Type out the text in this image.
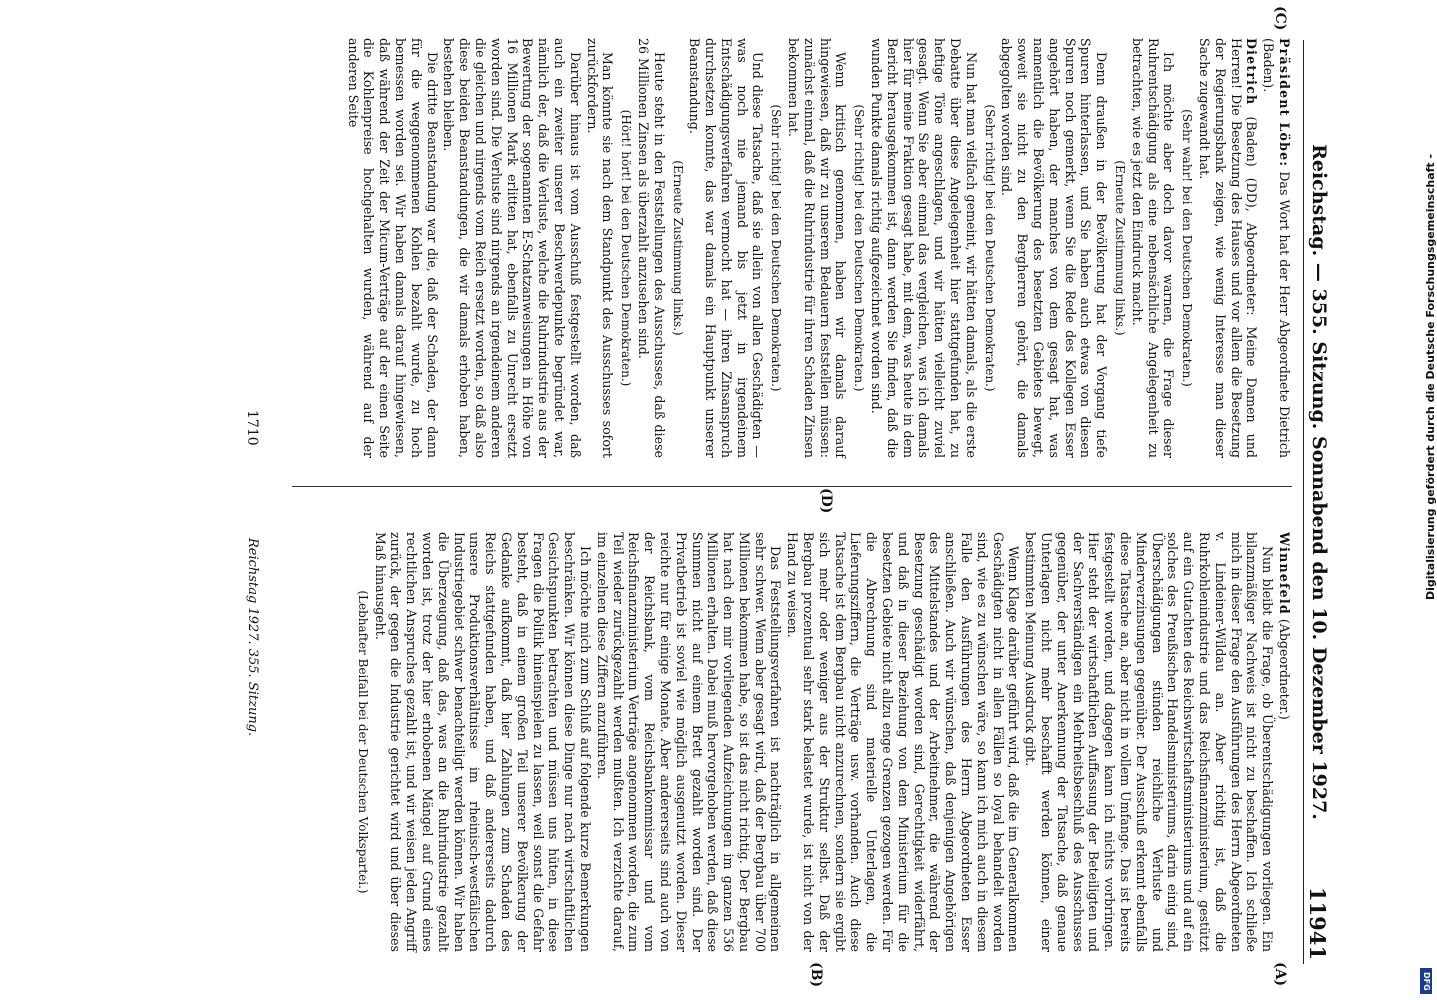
Reichstag. — 355. Sitzung. Sonnabend den 10. Dezember 1927.
11941
(C)
(D)
(A)
(B)

Präsident Löbe: Das Wort hat der Herr Abgeordnete Dietrich (Baden).

Dietrich (Baden) (DD), Abgeordneter: Meine Damen und Herren! Die Besetzung des Hauses und vor allem die Besetzung der Regierungsbank zeigen, wie wenig Interesse man dieser Sache zugewandt hat.

(Sehr wahr! bei den Deutschen Demokraten.)

Ich möchte aber doch davor warnen, die Frage dieser Ruhrentschädigung als eine nebensächliche Angelegenheit zu betrachten, wie es jetzt den Eindruck macht.

(Erneute Zustimmung links.)

Denn draußen in der Bevölkerung hat der Vorgang tiefe Spuren hinterlassen, und Sie haben auch etwas von diesen Spuren noch gemerkt, wenn Sie die Rede des Kollegen Esser angehört haben, der manches von dem gesagt hat, was namentlich die Bevölkerung des besetzten Gebietes bewegt, soweit sie nicht zu den Bergherren gehört, die damals abgegolten worden sind.

(Sehr richtig! bei den Deutschen Demokraten.)

Nun hat man vielfach gemeint, wir hätten damals, als die erste Debatte über diese Angelegenheit hier stattgefunden hat, zu heftige Töne angeschlagen, und wir hätten vielleicht zuviel gesagt. Wenn Sie aber einmal das vergleichen, was ich damals hier für meine Fraktion gesagt habe, mit dem, was heute in dem Bericht herausgekommen ist, dann werden Sie finden, daß die wunden Punkte damals richtig aufgezeichnet worden sind.

(Sehr richtig! bei den Deutschen Demokraten.)

Wenn kritisch genommen, haben wir damals darauf hingewiesen, daß wir zu unserem Bedauern feststellen müssen: zunächst einmal, daß die Ruhrindustrie für ihren Schaden Zinsen bekommen hat.

(Sehr richtig! bei den Deutschen Demokraten.)

Und diese Tatsache, daß sie allein von allen Geschädigten — was noch nie jemand bis jetzt in irgendeinem Entschädigungsverfahren vermocht hat — ihren Zinsanspruch durchsetzen konnte, das war damals ein Hauptpunkt unserer Beanstandung.

(Erneute Zustimmung links.)

Heute steht in den Feststellungen des Ausschusses, daß diese 26 Millionen Zinsen als überzahlt anzusehen sind.

(Hört! hört! bei den Deutschen Demokraten.)

Man könnte sie nach dem Standpunkt des Ausschusses sofort zurückfordern.

Darüber hinaus ist vom Ausschuß festgestellt worden, daß auch ein zweiter unserer Beschwerdepunkte begründet war, nämlich der, daß die Verluste, welche die Ruhrindustrie aus der Bewertung der sogenannten E-Schatzanweisungen in Höhe von 16 Millionen Mark erlitten hat, ebenfalls zu Unrecht ersetzt worden sind. Die Verluste sind nirgends an irgendeinem anderen die gleichen und nirgends vom Reich ersetzt worden, so daß also diese beiden Beanstandungen, die wir damals erhoben haben, bestehen bleiben.

Die dritte Beanstandung war die, daß der Schaden, der dann für die weggenommenen Kohlen bezahlt wurde, zu hoch bemessen worden sei. Wir haben damals darauf hingewiesen, daß während der Zeit der Micum-Verträge auf der einen Seite die Kohlenpreise hochgehalten wurden, während auf der anderen Seite

Winnefeld (Abgeordneter.)

Nun bleibt die Frage, ob Überentschädigungen vorliegen. Ein bilanzmäßiger Nachweis ist nicht zu beschaffen. Ich schließe mich in dieser Frage den Ausführungen des Herrn Abgeordneten v. Lindeiner-Wildau an. Aber richtig ist, daß die Ruhrkohlenindustrie und das Reichsfinanzministerium, gestützt auf ein Gutachten des Reichswirtschaftsministeriums und auf ein solches des Preußischen Handelsministeriums, darin einig sind, Überschädigungen stünden reichliche Verluste und Minderverzinsungen gegenüber. Der Ausschuß erkennt ebenfalls diese Tatsache an, aber nicht in vollem Umfange. Das ist bereits festgestellt worden, und dagegen kann ich nichts vorbringen. Hier steht der wirtschaftlichen Auffassung der Beteiligten und der Sachverständigen ein Mehrheitsbeschluß des Ausschusses gegenüber, der unter Anerkennung der Tatsache, daß genaue Unterlagen nicht mehr beschafft werden können, einer bestimmten Meinung Ausdruck gibt.

Wenn Klage darüber geführt wird, daß die im Generalkommen Geschädigten nicht in allen Fällen so loyal behandelt worden sind, wie es zu wünschen wäre, so kann ich mich auch in diesem Falle den Ausführungen des Herrn Abgeordneten Esser anschließen. Auch wir wünschen, daß denjenigen Angehörigen des Mittelstandes und der Arbeitnehmer, die während der Besetzung geschädigt worden sind, Gerechtigkeit widerfährt, und daß in dieser Beziehung von dem Ministerium für die besetzten Gebiete nicht allzu enge Grenzen gezogen werden. Für die Abrechnung sind materielle Unterlagen, die Lieferungsziffern, die Verträge usw. vorhanden. Auch diese Tatsache ist dem Bergbau nicht anzurechnen, sondern sie ergibt sich mehr oder weniger aus der Struktur selbst. Daß der Bergbau prozentual sehr stark belastet wurde, ist nicht von der Hand zu weisen.

Das Feststellungsverfahren ist nachträglich in allgemeinen sehr schwer. Wenn aber gesagt wird, daß der Bergbau über 700 Millionen bekommen habe, so ist das nicht richtig. Der Bergbau hat nach den mir vorliegenden Aufzeichnungen im ganzen 536 Millionen erhalten. Dabei muß hervorgehoben werden, daß diese Summen nicht auf einem Brett gezahlt worden sind. Der Privatbetrieb ist soviel wie möglich ausgenutzt worden. Dieser reichte nur für einige Monate. Aber andererseits sind auch von der Reichsbank, vom Reichsbankommissar und vom Reichsfinanzministerium Verträge angenommen worden, die zum Teil wieder zurückgezahlt werden mußten. Ich verzichte darauf, im einzelnen diese Ziffern anzuführen.

Ich möchte mich zum Schluß auf folgende kurze Bemerkungen beschränken. Wir können diese Dinge nur nach wirtschaftlichen Gesichtspunkten betrachten und müssen uns hüten, in diese Fragen die Politik hineinspielen zu lassen, weil sonst die Gefahr besteht, daß in einem großen Teil unserer Bevölkerung der Gedanke aufkommt, daß hier Zahlungen zum Schaden des Reichs stattgefunden haben, und daß andererseits dadurch unsere Produktionsverhältnisse im rheinisch-westfälischen Industriegebiet schwer benachteiligt werden können. Wir haben die Überzeugung, daß das, was an die Ruhrindustrie gezahlt worden ist, trotz der hier erhobenen Mängel auf Grund eines rechtlichen Anspruches gezahlt ist, und wir weisen jeden Angriff zurück, der gegen die Industrie gerichtet wird und über dieses Maß hinausgeht.

(Lebhafter Beifall bei der Deutschen Volkspartei.)

Reichstag 1927. 355. Sitzung.
1710	Digitalisierung gefördert durch die Deutsche Forschungsgemeinschaft -
DFG
